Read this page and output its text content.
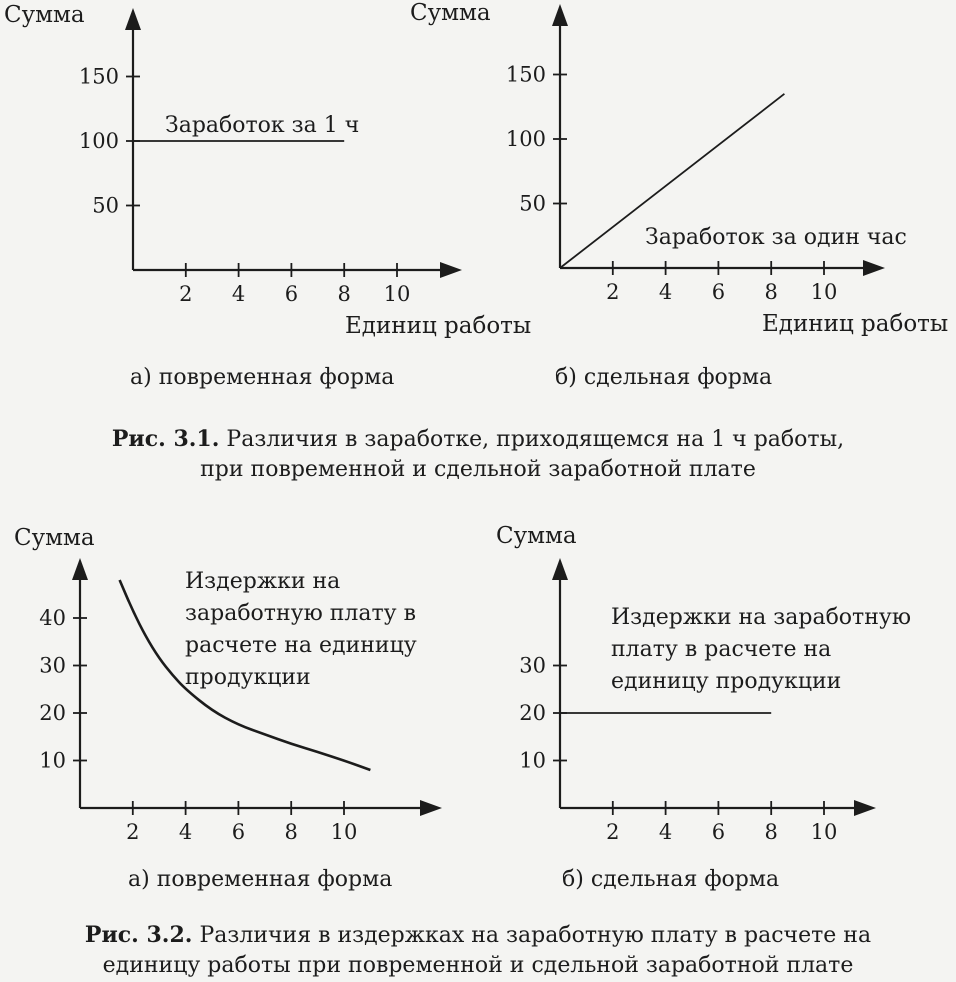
Сумма
Единиц работы
2 4 6 8 10
50
100
150
Заработок за 1 ч
а) повременная форма
Сумма
Единиц работы
2 4 6 8 10
50
100
150
Заработок за один час
б) сдельная форма
Сумма
2 4 6 8 10
10
20
30
40
Издержки на
заработную плату в
расчете на единицу
продукции
а) повременная форма
Сумма
2 4 6 8 10
10
20
30
Издержки на заработную
плату в расчете на
единицу продукции
б) сдельная форма
Рис. 3.1. Различия в заработке, приходящемся на 1 ч работы,
при повременной и сдельной заработной плате
Рис. 3.2. Различия в издержках на заработную плату в расчете на
единицу работы при повременной и сдельной заработной плате
